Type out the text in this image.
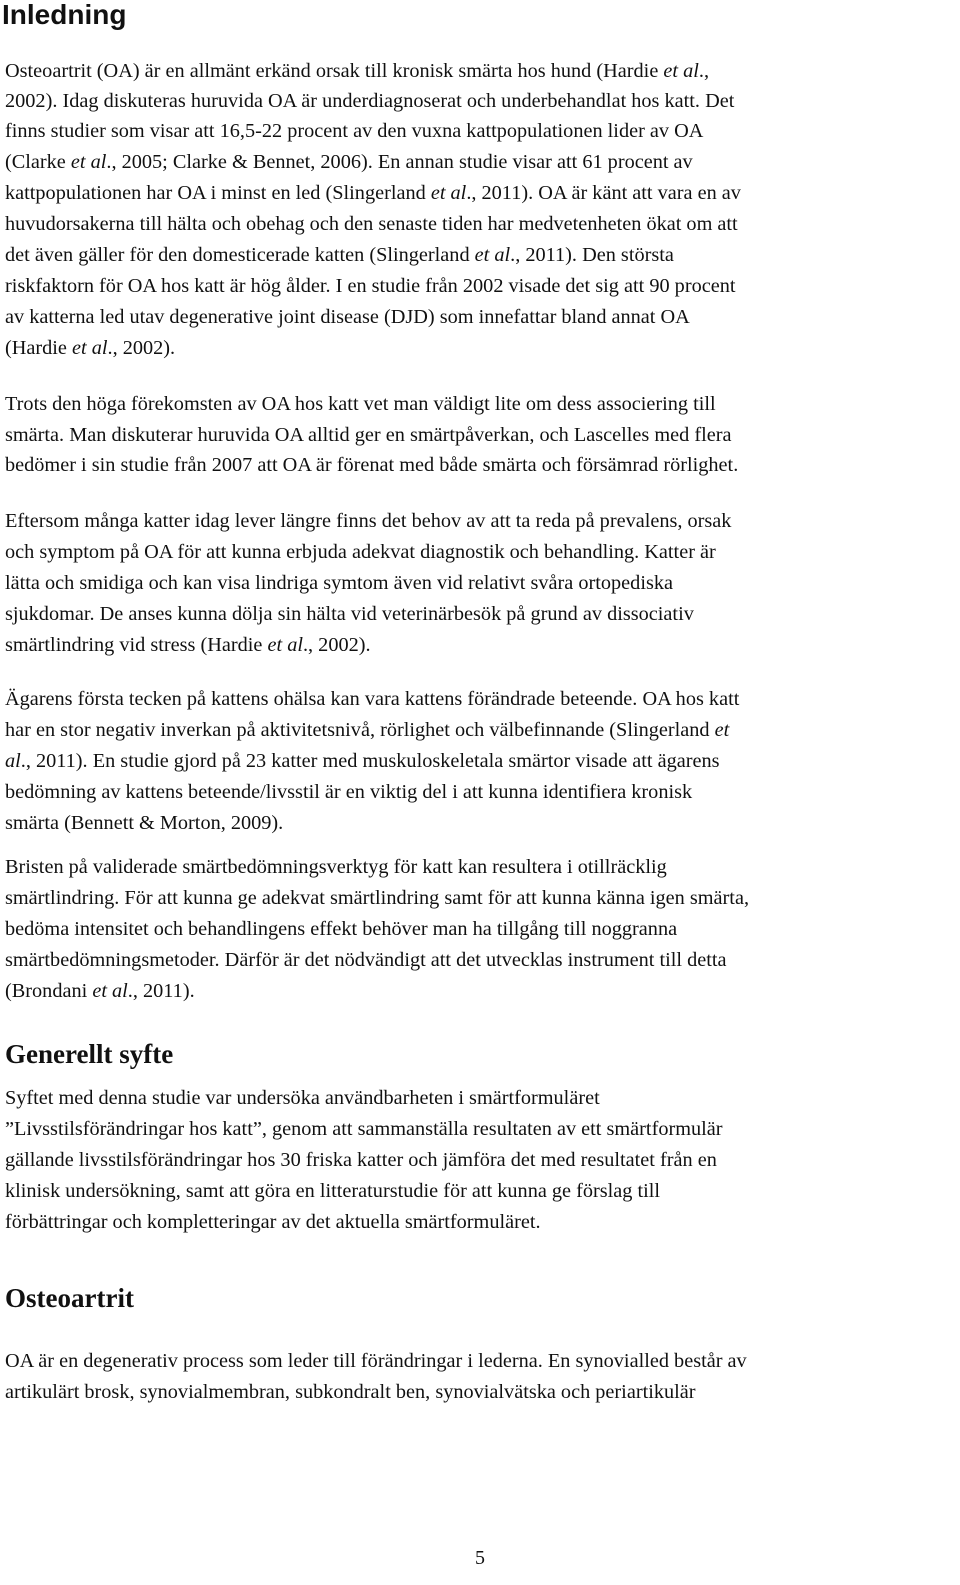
Inledning
Osteoartrit (OA) är en allmänt erkänd orsak till kronisk smärta hos hund (Hardie et al.,
2002). Idag diskuteras huruvida OA är underdiagnoserat och underbehandlat hos katt. Det
finns studier som visar att 16,5-22 procent av den vuxna kattpopulationen lider av OA
(Clarke et al., 2005; Clarke & Bennet, 2006). En annan studie visar att 61 procent av
kattpopulationen har OA i minst en led (Slingerland et al., 2011). OA är känt att vara en av
huvudorsakerna till hälta och obehag och den senaste tiden har medvetenheten ökat om att
det även gäller för den domesticerade katten (Slingerland et al., 2011). Den största
riskfaktorn för OA hos katt är hög ålder. I en studie från 2002 visade det sig att 90 procent
av katterna led utav degenerative joint disease (DJD) som innefattar bland annat OA
(Hardie et al., 2002).
Trots den höga förekomsten av OA hos katt vet man väldigt lite om dess associering till
smärta. Man diskuterar huruvida OA alltid ger en smärtpåverkan, och Lascelles med flera
bedömer i sin studie från 2007 att OA är förenat med både smärta och försämrad rörlighet.
Eftersom många katter idag lever längre finns det behov av att ta reda på prevalens, orsak
och symptom på OA för att kunna erbjuda adekvat diagnostik och behandling. Katter är
lätta och smidiga och kan visa lindriga symtom även vid relativt svåra ortopediska
sjukdomar. De anses kunna dölja sin hälta vid veterinärbesök på grund av dissociativ
smärtlindring vid stress (Hardie et al., 2002).
Ägarens första tecken på kattens ohälsa kan vara kattens förändrade beteende. OA hos katt
har en stor negativ inverkan på aktivitetsnivå, rörlighet och välbefinnande (Slingerland et
al., 2011). En studie gjord på 23 katter med muskuloskeletala smärtor visade att ägarens
bedömning av kattens beteende/livsstil är en viktig del i att kunna identifiera kronisk
smärta (Bennett & Morton, 2009).
Bristen på validerade smärtbedömningsverktyg för katt kan resultera i otillräcklig
smärtlindring. För att kunna ge adekvat smärtlindring samt för att kunna känna igen smärta,
bedöma intensitet och behandlingens effekt behöver man ha tillgång till noggranna
smärtbedömningsmetoder. Därför är det nödvändigt att det utvecklas instrument till detta
(Brondani et al., 2011).
Generellt syfte
Syftet med denna studie var undersöka användbarheten i smärtformuläret
”Livsstilsförändringar hos katt”, genom att sammanställa resultaten av ett smärtformulär
gällande livsstilsförändringar hos 30 friska katter och jämföra det med resultatet från en
klinisk undersökning, samt att göra en litteraturstudie för att kunna ge förslag till
förbättringar och kompletteringar av det aktuella smärtformuläret.
Osteoartrit
OA är en degenerativ process som leder till förändringar i lederna. En synovialled består av
artikulärt brosk, synovialmembran, subkondralt ben, synovialvätska och periartikulär
5
